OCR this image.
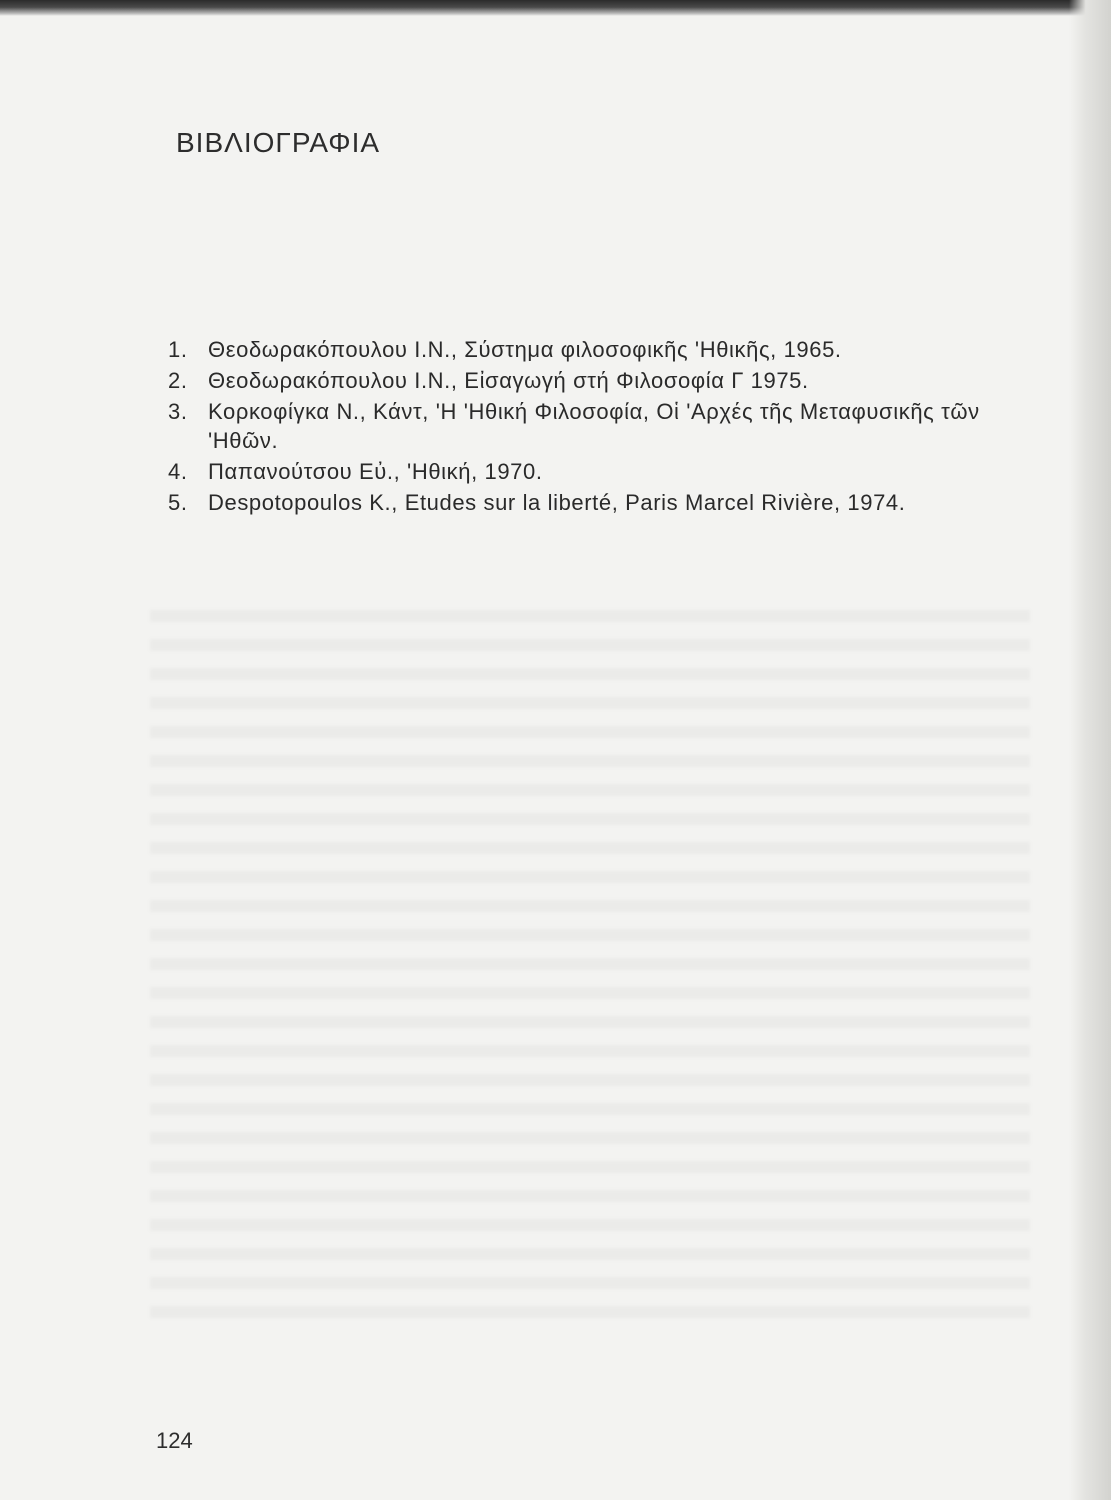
ΒΙΒΛΙΟΓΡΑΦΙΑ
1. Θεοδωρακόπουλου Ι.Ν., Σύστημα φιλοσοφικῆς 'Ηθικῆς, 1965.
2. Θεοδωρακόπουλου Ι.Ν., Εἰσαγωγή στή Φιλοσοφία Γ 1975.
3. Κορκοφίγκα Ν., Κάντ, 'Η 'Ηθική Φιλοσοφία, Οἱ 'Αρχές τῆς Μεταφυσικῆς τῶν 'Ηθῶν.
4. Παπανούτσου Εὐ., 'Ηθική, 1970.
5. Despotopoulos K., Etudes sur la liberté, Paris Marcel Rivière, 1974.
124
